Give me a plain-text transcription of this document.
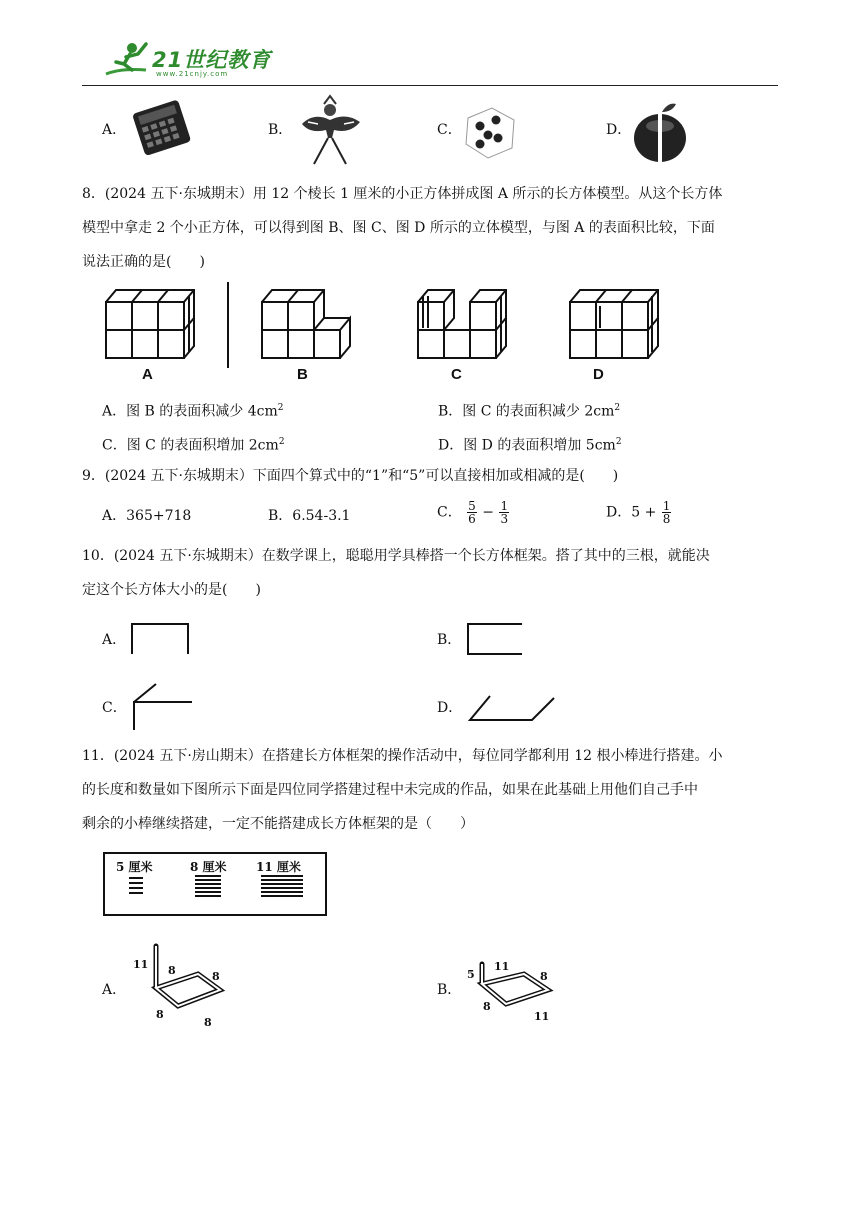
21世纪教育
www.21cnjy.com
A．	B．	C．	D．
8．(2024 五下·东城期末）用 12 个棱长 1 厘米的小正方体拼成图 A 所示的长方体模型。从这个长方体
模型中拿走 2 个小正方体，可以得到图 B、图 C、图 D 所示的立体模型，与图 A 的表面积比较，下面
说法正确的是(　　)
A	B	C	D
A．图 B 的表面积减少 $4cm^2$	B．图 C 的表面积减少 $2cm^2$
C．图 C 的表面积增加 $2cm^2$	D．图 D 的表面积增加 $5cm^2$
9．(2024 五下·东城期末）下面四个算式中的“1”和“5”可以直接相加或相减的是(　　)
A．365+718	B．6.54-3.1	C． $\frac{5}{6} - \frac{1}{3}$	D．$5 + \frac{1}{8}$
10．(2024 五下·东城期末）在数学课上，聪聪用学具棒搭一个长方体框架。搭了其中的三根，就能决
定这个长方体大小的是(　　)
A．	B．
C．	D．
11．(2024 五下·房山期末）在搭建长方体框架的操作活动中，每位同学都利用 12 根小棒进行搭建。小
的长度和数量如下图所示下面是四位同学搭建过程中未完成的作品，如果在此基础上用他们自己手中
剩余的小棒继续搭建，一定不能搭建成长方体框架的是（　　）
5 厘米	8 厘米 11 厘米
A．
11 8	8
8
8
B．
5
11
8
8
11
